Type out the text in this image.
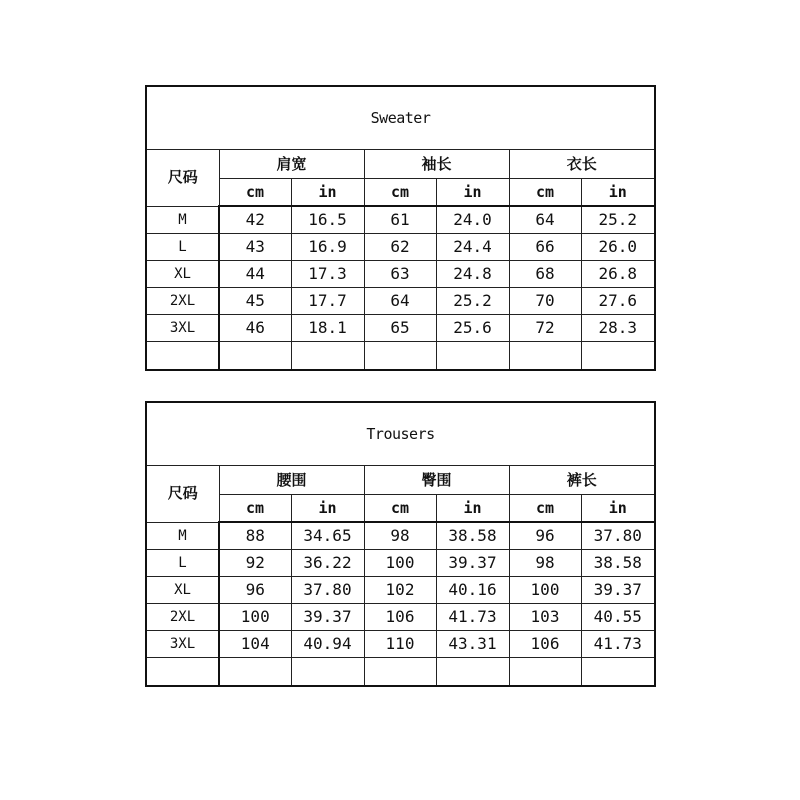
Sweater						
尺码	肩宽		袖长		衣长	
	cm	in	cm	in	cm	in
M	42	16.5	61	24.0	64	25.2
L	43	16.9	62	24.4	66	26.0
XL	44	17.3	63	24.8	68	26.8
2XL	45	17.7	64	25.2	70	27.6
3XL	46	18.1	65	25.6	72	28.3

Trousers						
尺码	腰围		臀围		裤长	
	cm	in	cm	in	cm	in
M	88	34.65	98	38.58	96	37.80
L	92	36.22	100	39.37	98	38.58
XL	96	37.80	102	40.16	100	39.37
2XL	100	39.37	106	41.73	103	40.55
3XL	104	40.94	110	43.31	106	41.73
